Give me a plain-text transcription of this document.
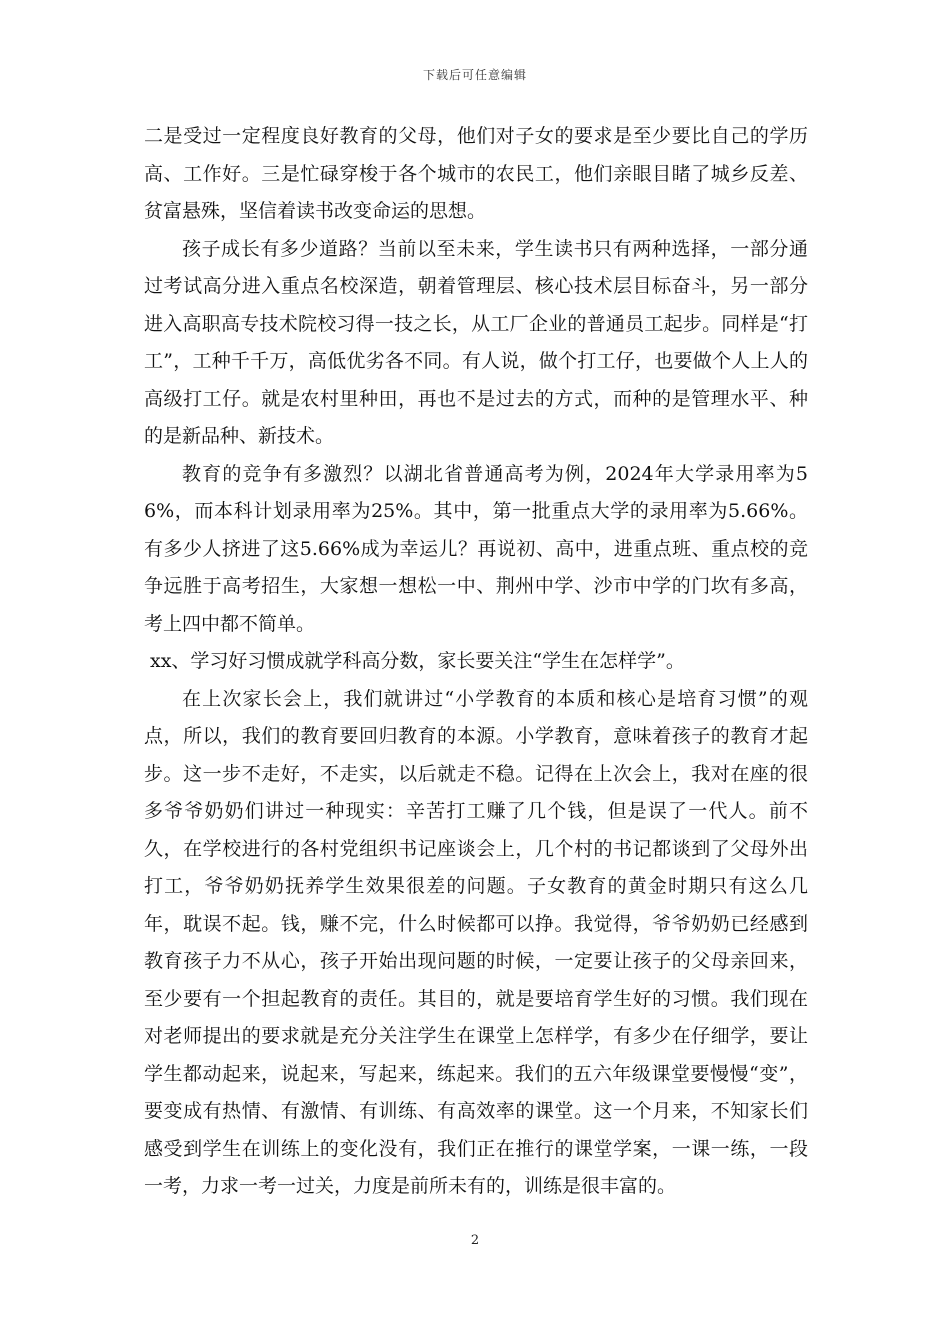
下载后可任意编辑

二是受过一定程度良好教育的父母，他们对子女的要求是至少要比自己的学历高、工作好。三是忙碌穿梭于各个城市的农民工，他们亲眼目睹了城乡反差、贫富悬殊，坚信着读书改变命运的思想。

孩子成长有多少道路？当前以至未来，学生读书只有两种选择，一部分通过考试高分进入重点名校深造，朝着管理层、核心技术层目标奋斗，另一部分进入高职高专技术院校习得一技之长，从工厂企业的普通员工起步。同样是“打工”，工种千千万，高低优劣各不同。有人说，做个打工仔，也要做个人上人的高级打工仔。就是农村里种田，再也不是过去的方式，而种的是管理水平、种的是新品种、新技术。

教育的竞争有多激烈？以湖北省普通高考为例，2024年大学录用率为56%，而本科计划录用率为25%。其中，第一批重点大学的录用率为5.66%。有多少人挤进了这5.66%成为幸运儿？再说初、高中，进重点班、重点校的竞争远胜于高考招生，大家想一想松一中、荆州中学、沙市中学的门坎有多高，考上四中都不简单。

xx、学习好习惯成就学科高分数，家长要关注“学生在怎样学”。

在上次家长会上，我们就讲过“小学教育的本质和核心是培育习惯”的观点，所以，我们的教育要回归教育的本源。小学教育，意味着孩子的教育才起步。这一步不走好，不走实，以后就走不稳。记得在上次会上，我对在座的很多爷爷奶奶们讲过一种现实：辛苦打工赚了几个钱，但是误了一代人。前不久，在学校进行的各村党组织书记座谈会上，几个村的书记都谈到了父母外出打工，爷爷奶奶抚养学生效果很差的问题。子女教育的黄金时期只有这么几年，耽误不起。钱，赚不完，什么时候都可以挣。我觉得，爷爷奶奶已经感到教育孩子力不从心，孩子开始出现问题的时候，一定要让孩子的父母亲回来，至少要有一个担起教育的责任。其目的，就是要培育学生好的习惯。我们现在对老师提出的要求就是充分关注学生在课堂上怎样学，有多少在仔细学，要让学生都动起来，说起来，写起来，练起来。我们的五六年级课堂要慢慢“变”，要变成有热情、有激情、有训练、有高效率的课堂。这一个月来，不知家长们感受到学生在训练上的变化没有，我们正在推行的课堂学案，一课一练，一段一考，力求一考一过关，力度是前所未有的，训练是很丰富的。

2
